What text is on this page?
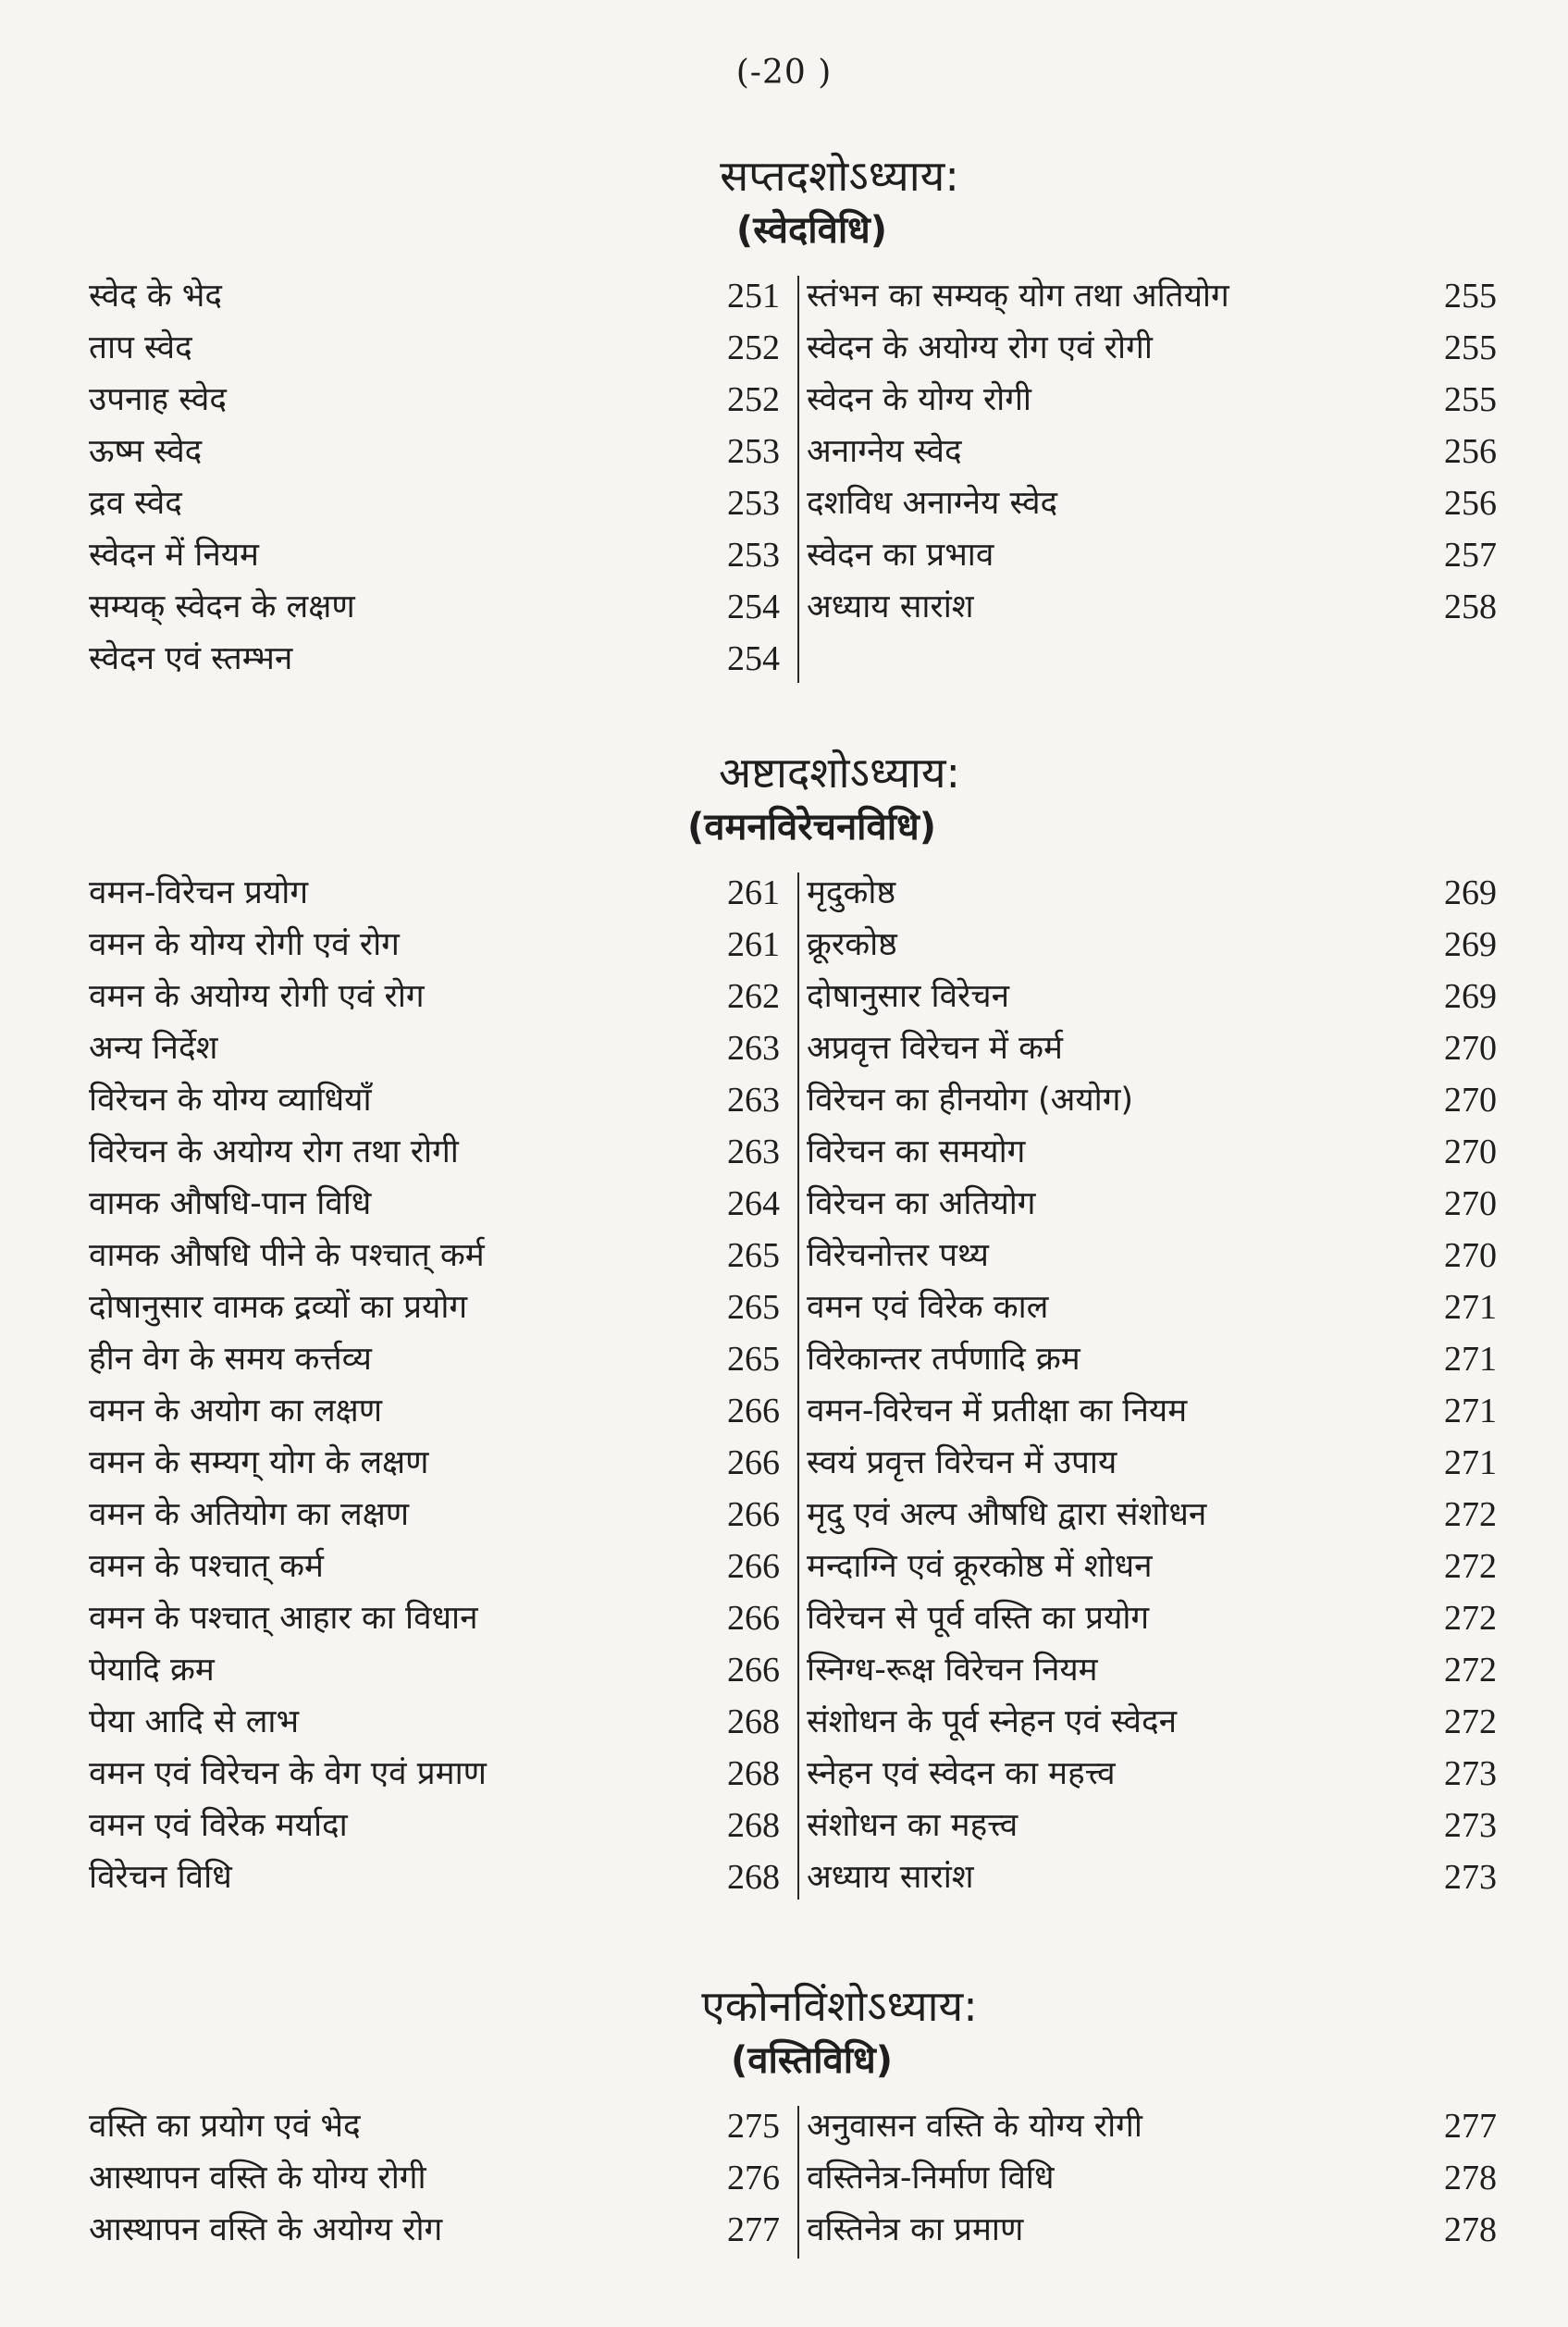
(-20 )
सप्तदशोऽध्याय:
(स्वेदविधि)
स्वेद के भेद	251
ताप स्वेद	252
उपनाह स्वेद	252
ऊष्म स्वेद	253
द्रव स्वेद	253
स्वेदन में नियम	253
सम्यक् स्वेदन के लक्षण	254
स्वेदन एवं स्तम्भन	254
स्तंभन का सम्यक् योग तथा अतियोग	255
स्वेदन के अयोग्य रोग एवं रोगी	255
स्वेदन के योग्य रोगी	255
अनाग्नेय स्वेद	256
दशविध अनाग्नेय स्वेद	256
स्वेदन का प्रभाव	257
अध्याय सारांश	258
अष्टादशोऽध्याय:
(वमनविरेचनविधि)
वमन-विरेचन प्रयोग	261
वमन के योग्य रोगी एवं रोग	261
वमन के अयोग्य रोगी एवं रोग	262
अन्य निर्देश	263
विरेचन के योग्य व्याधियाँ	263
विरेचन के अयोग्य रोग तथा रोगी	263
वामक औषधि-पान विधि	264
वामक औषधि पीने के पश्चात् कर्म	265
दोषानुसार वामक द्रव्यों का प्रयोग	265
हीन वेग के समय कर्त्तव्य	265
वमन के अयोग का लक्षण	266
वमन के सम्यग् योग के लक्षण	266
वमन के अतियोग का लक्षण	266
वमन के पश्चात् कर्म	266
वमन के पश्चात् आहार का विधान	266
पेयादि क्रम	266
पेया आदि से लाभ	268
वमन एवं विरेचन के वेग एवं प्रमाण	268
वमन एवं विरेक मर्यादा	268
विरेचन विधि	268
मृदुकोष्ठ	269
क्रूरकोष्ठ	269
दोषानुसार विरेचन	269
अप्रवृत्त विरेचन में कर्म	270
विरेचन का हीनयोग (अयोग)	270
विरेचन का समयोग	270
विरेचन का अतियोग	270
विरेचनोत्तर पथ्य	270
वमन एवं विरेक काल	271
विरेकान्तर तर्पणादि क्रम	271
वमन-विरेचन में प्रतीक्षा का नियम	271
स्वयं प्रवृत्त विरेचन में उपाय	271
मृदु एवं अल्प औषधि द्वारा संशोधन	272
मन्दाग्नि एवं क्रूरकोष्ठ में शोधन	272
विरेचन से पूर्व वस्ति का प्रयोग	272
स्निग्ध-रूक्ष विरेचन नियम	272
संशोधन के पूर्व स्नेहन एवं स्वेदन	272
स्नेहन एवं स्वेदन का महत्त्व	273
संशोधन का महत्त्व	273
अध्याय सारांश	273
एकोनविंशोऽध्याय:
(वस्तिविधि)
वस्ति का प्रयोग एवं भेद	275
आस्थापन वस्ति के योग्य रोगी	276
आस्थापन वस्ति के अयोग्य रोग	277
अनुवासन वस्ति के योग्य रोगी	277
वस्तिनेत्र-निर्माण विधि	278
वस्तिनेत्र का प्रमाण	278
